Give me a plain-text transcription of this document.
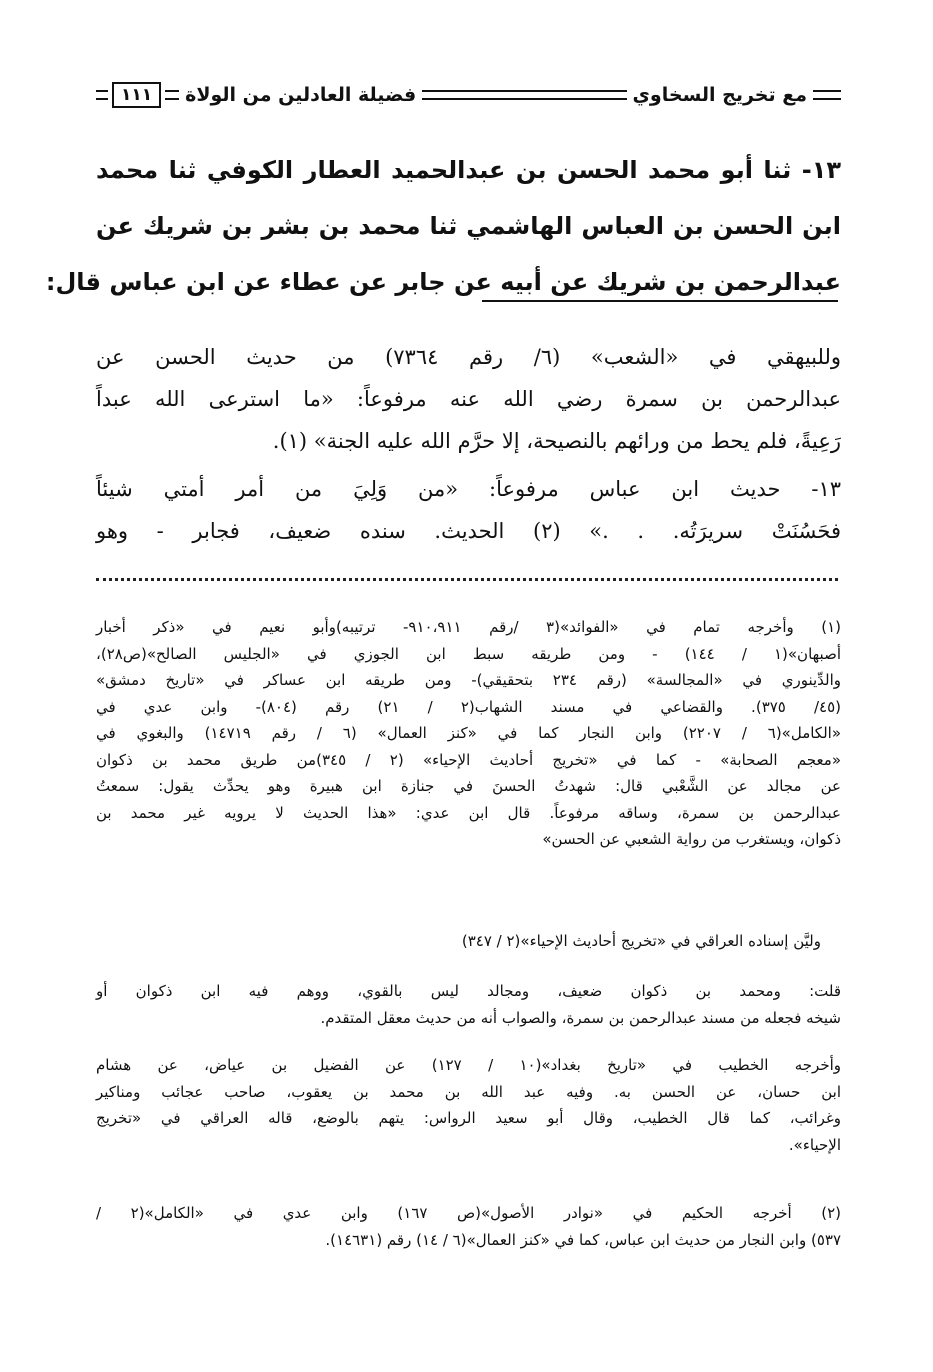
مع تخريج السخاوي
فضيلة العادلين من الولاة
١١١
١٣- ثنا أبو محمد الحسن بن عبدالحميد العطار الكوفي ثنا محمد
ابن الحسن بن العباس الهاشمي ثنا محمد بن بشر بن شريك عن
عبدالرحمن بن شريك عن أبيه عن جابر عن عطاء عن ابن عباس قال:
وللبيهقي في «الشعب» (٦/ رقم ٧٣٦٤) من حديث الحسن عن
عبدالرحمن بن سمرة رضي الله عنه مرفوعاً: «ما استرعى الله عبداً
رَعِيةً، فلم يحط من ورائهم بالنصيحة، إلا حرَّم الله عليه الجنة» (١).
١٣- حديث ابن عباس مرفوعاً: «من وَلِيَ من أمر أمتي شيئاً
فحَسُنَتْ سريرَتُه. . .» (٢) الحديث. سنده ضعيف، فجابر - وهو
(١) وأخرجه تمام في «الفوائد»(٣ /رقم ٩١٠،٩١١- ترتيبه)وأبو نعيم في «ذكر أخبار
أصبهان»(١ / ١٤٤) - ومن طريقه سبط ابن الجوزي في «الجليس الصالح»(ص٢٨)،
والدِّينوري في «المجالسة» (رقم ٢٣٤ بتحقيقي)- ومن طريقه ابن عساكر في «تاريخ دمشق»
(٤٥/ ٣٧٥). والقضاعي في مسند الشهاب(٢ / ٢١) رقم (٨٠٤)- وابن عدي في
«الكامل»(٦ / ٢٢٠٧) وابن النجار كما في «كنز العمال» (٦ / رقم ١٤٧١٩) والبغوي في
«معجم الصحابة» - كما في «تخريج أحاديث الإحياء» (٢ / ٣٤٥)من طريق محمد بن ذكوان
عن مجالد عن الشَّعْبي قال: شهدتُ الحسنَ في جنازة ابن هبيرة وهو يحدِّث يقول: سمعتُ
عبدالرحمن بن سمرة، وساقه مرفوعاً. قال ابن عدي: «هذا الحديث لا يرويه غير محمد بن
ذكوان، ويستغرب من رواية الشعبي عن الحسن»
وليَّن إسناده العراقي في «تخريج أحاديث الإحياء»(٢ / ٣٤٧)
قلت: ومحمد بن ذكوان ضعيف، ومجالد ليس بالقوي، ووهم فيه ابن ذكوان أو
شيخه فجعله من مسند عبدالرحمن بن سمرة، والصواب أنه من حديث معقل المتقدم.
وأخرجه الخطيب في «تاريخ بغداد»(١٠ / ١٢٧) عن الفضيل بن عياض، عن هشام
ابن حسان، عن الحسن به. وفيه عبد الله بن محمد بن يعقوب، صاحب عجائب ومناكير
وغرائب، كما قال الخطيب، وقال أبو سعيد الرواس: يتهم بالوضع، قاله العراقي في «تخريج
الإحياء».
(٢) أخرجه الحكيم في «نوادر الأصول»(ص ١٦٧) وابن عدي في «الكامل»(٢ /
٥٣٧) وابن النجار من حديث ابن عباس، كما في «كنز العمال»(٦ / ١٤) رقم (١٤٦٣١).
